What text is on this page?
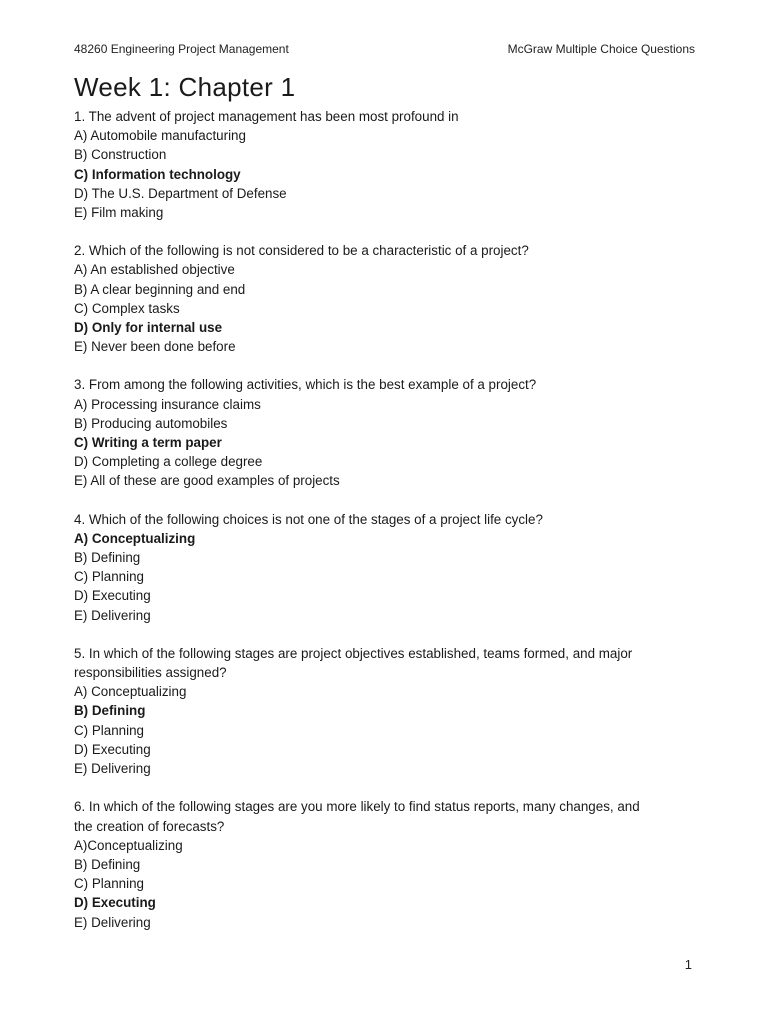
48260 Engineering Project Management	McGraw Multiple Choice Questions
Week 1: Chapter 1
1. The advent of project management has been most profound in
A) Automobile manufacturing
B) Construction
C) Information technology
D) The U.S. Department of Defense
E) Film making
2. Which of the following is not considered to be a characteristic of a project?
A) An established objective
B) A clear beginning and end
C) Complex tasks
D) Only for internal use
E) Never been done before
3. From among the following activities, which is the best example of a project?
A) Processing insurance claims
B) Producing automobiles
C) Writing a term paper
D) Completing a college degree
E) All of these are good examples of projects
4. Which of the following choices is not one of the stages of a project life cycle?
A) Conceptualizing
B) Defining
C) Planning
D) Executing
E) Delivering
5. In which of the following stages are project objectives established, teams formed, and major
responsibilities assigned?
A) Conceptualizing
B) Defining
C) Planning
D) Executing
E) Delivering
6. In which of the following stages are you more likely to find status reports, many changes, and
the creation of forecasts?
A)Conceptualizing
B) Defining
C) Planning
D) Executing
E) Delivering
1
